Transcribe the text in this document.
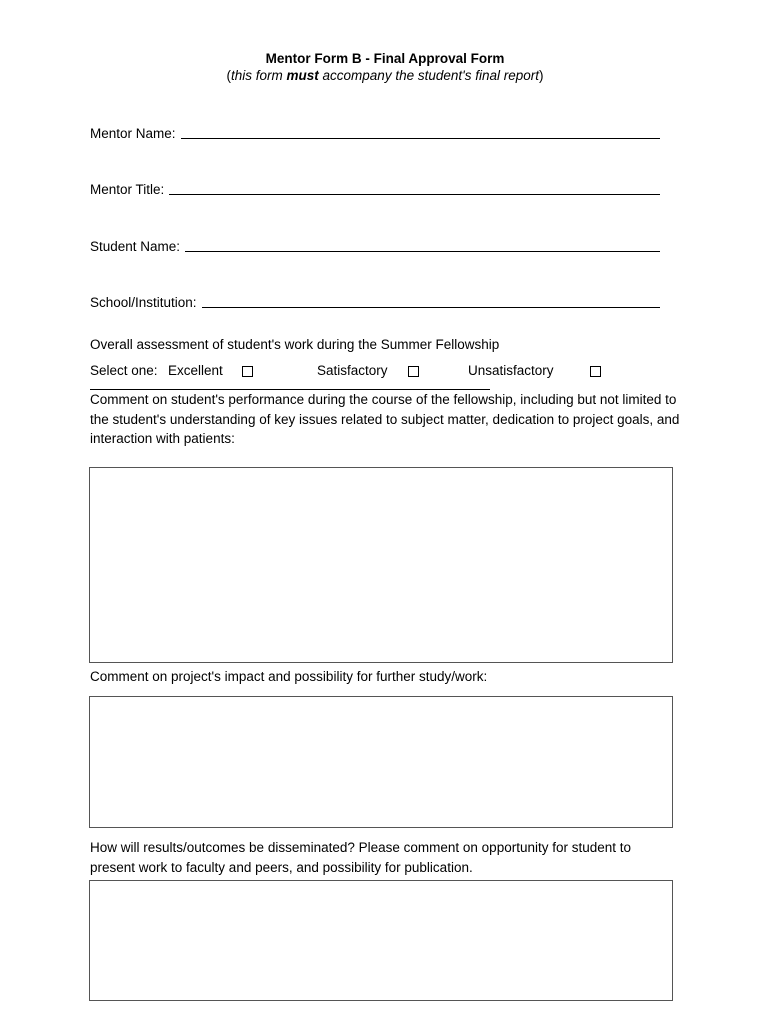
Mentor Form B - Final Approval Form
(this form must accompany the student's final report)
Mentor Name:
Mentor Title:
Student Name:
School/Institution:
Overall assessment of student's work during the Summer Fellowship
Select one: Excellent	Satisfactory	Unsatisfactory
Comment on student's performance during the course of the fellowship, including but not limited to the student's understanding of key issues related to subject matter, dedication to project goals, and interaction with patients:
Comment on project's impact and possibility for further study/work:
How will results/outcomes be disseminated? Please comment on opportunity for student to present work to faculty and peers, and possibility for publication.
